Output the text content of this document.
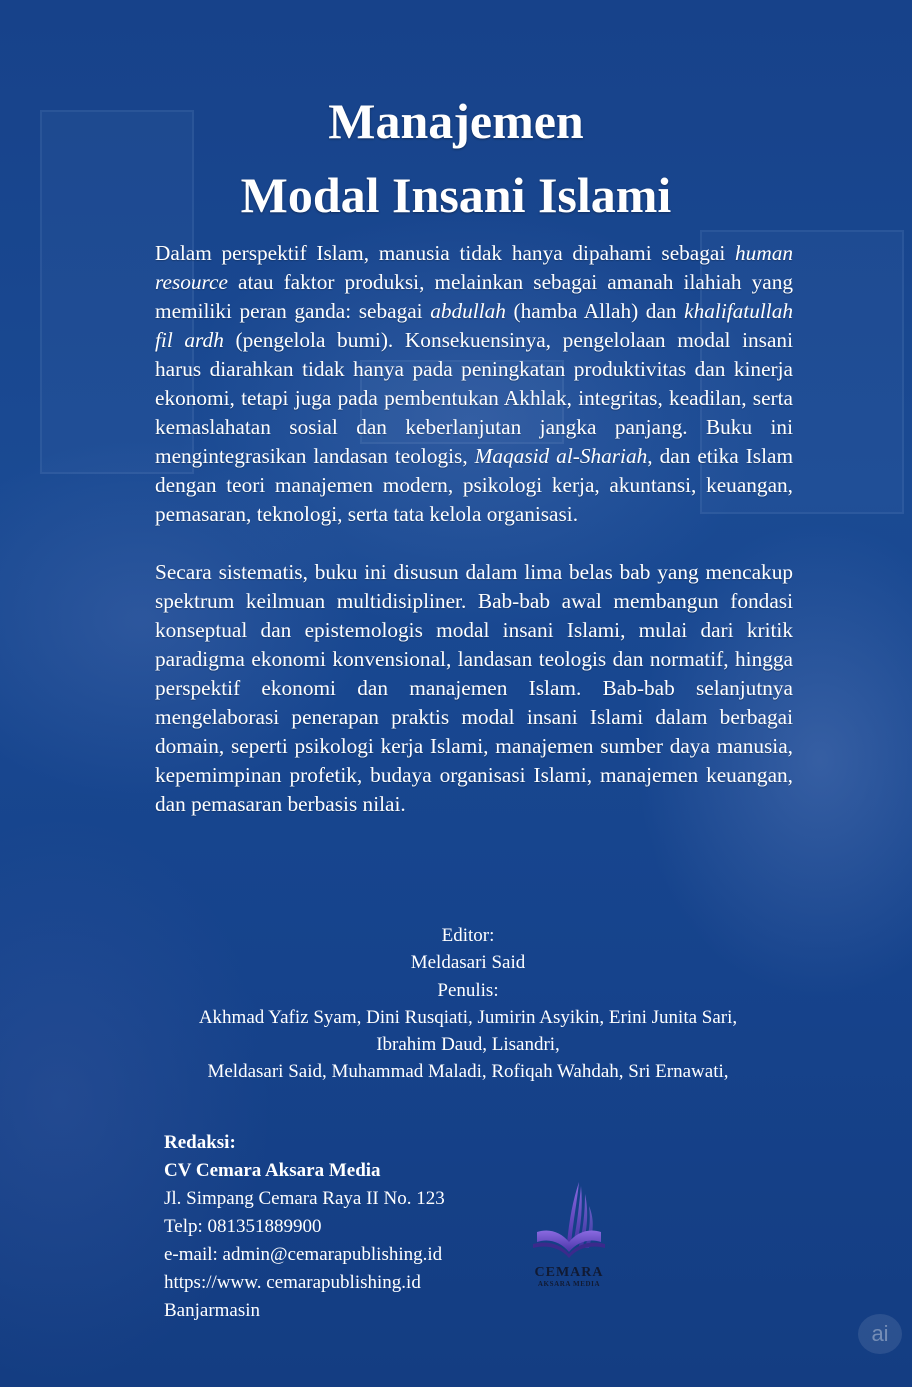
Manajemen
Modal Insani Islami

Dalam perspektif Islam, manusia tidak hanya dipahami sebagai human resource atau faktor produksi, melainkan sebagai amanah ilahiah yang memiliki peran ganda: sebagai abdullah (hamba Allah) dan khalifatullah fil ardh (pengelola bumi). Konsekuensinya, pengelolaan modal insani harus diarahkan tidak hanya pada peningkatan produktivitas dan kinerja ekonomi, tetapi juga pada pembentukan Akhlak, integritas, keadilan, serta kemaslahatan sosial dan keberlanjutan jangka panjang. Buku ini mengintegrasikan landasan teologis, Maqasid al-Shariah, dan etika Islam dengan teori manajemen modern, psikologi kerja, akuntansi, keuangan, pemasaran, teknologi, serta tata kelola organisasi.

Secara sistematis, buku ini disusun dalam lima belas bab yang mencakup spektrum keilmuan multidisipliner. Bab-bab awal membangun fondasi konseptual dan epistemologis modal insani Islami, mulai dari kritik paradigma ekonomi konvensional, landasan teologis dan normatif, hingga perspektif ekonomi dan manajemen Islam. Bab-bab selanjutnya mengelaborasi penerapan praktis modal insani Islami dalam berbagai domain, seperti psikologi kerja Islami, manajemen sumber daya manusia, kepemimpinan profetik, budaya organisasi Islami, manajemen keuangan, dan pemasaran berbasis nilai.

Editor:
Meldasari Said
Penulis:
Akhmad Yafiz Syam, Dini Rusqiati, Jumirin Asyikin, Erini Junita Sari,
Ibrahim Daud, Lisandri,
Meldasari Said, Muhammad Maladi, Rofiqah Wahdah, Sri Ernawati,
Redaksi:
CV Cemara Aksara Media
Jl. Simpang Cemara Raya II No. 123
Telp: 081351889900
e-mail: admin@cemarapublishing.id
https://www. cemarapublishing.id
Banjarmasin
CEMARA
AKSARA MEDIA
ai
